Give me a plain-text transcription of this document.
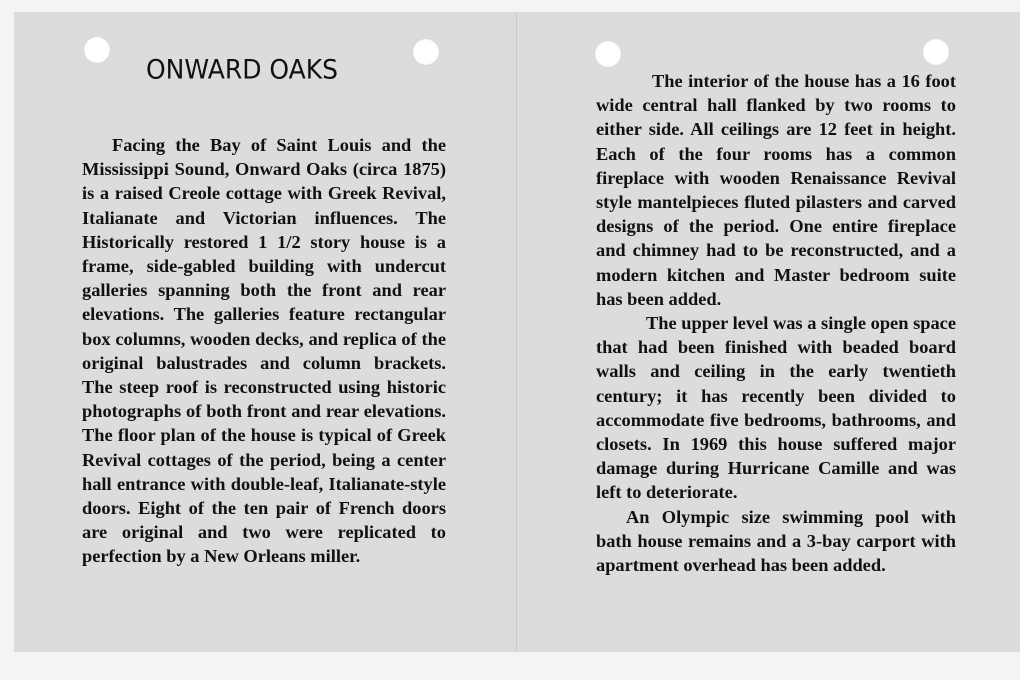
ONWARD OAKS

Facing the Bay of Saint Louis and the Mississippi Sound, Onward Oaks (circa 1875) is a raised Creole cottage with Greek Revival, Italianate and Victorian influences. The Historically restored 1 1/2 story house is a frame, side-gabled building with undercut galleries spanning both the front and rear elevations. The galleries feature rectangular box columns, wooden decks, and replica of the original balustrades and column brackets. The steep roof is reconstructed using historic photographs of both front and rear elevations. The floor plan of the house is typical of Greek Revival cottages of the period, being a center hall entrance with double-leaf, Italianate-style doors. Eight of the ten pair of French doors are original and two were replicated to perfection by a New Orleans miller.

The interior of the house has a 16 foot wide central hall flanked by two rooms to either side. All ceilings are 12 feet in height. Each of the four rooms has a common fireplace with wooden Renaissance Revival style mantelpieces fluted pilasters and carved designs of the period. One entire fireplace and chimney had to be reconstructed, and a modern kitchen and Master bedroom suite has been added.

The upper level was a single open space that had been finished with beaded board walls and ceiling in the early twentieth century; it has recently been divided to accommodate five bedrooms, bathrooms, and closets. In 1969 this house suffered major damage during Hurricane Camille and was left to deteriorate.

An Olympic size swimming pool with bath house remains and a 3-bay carport with apartment overhead has been added.
